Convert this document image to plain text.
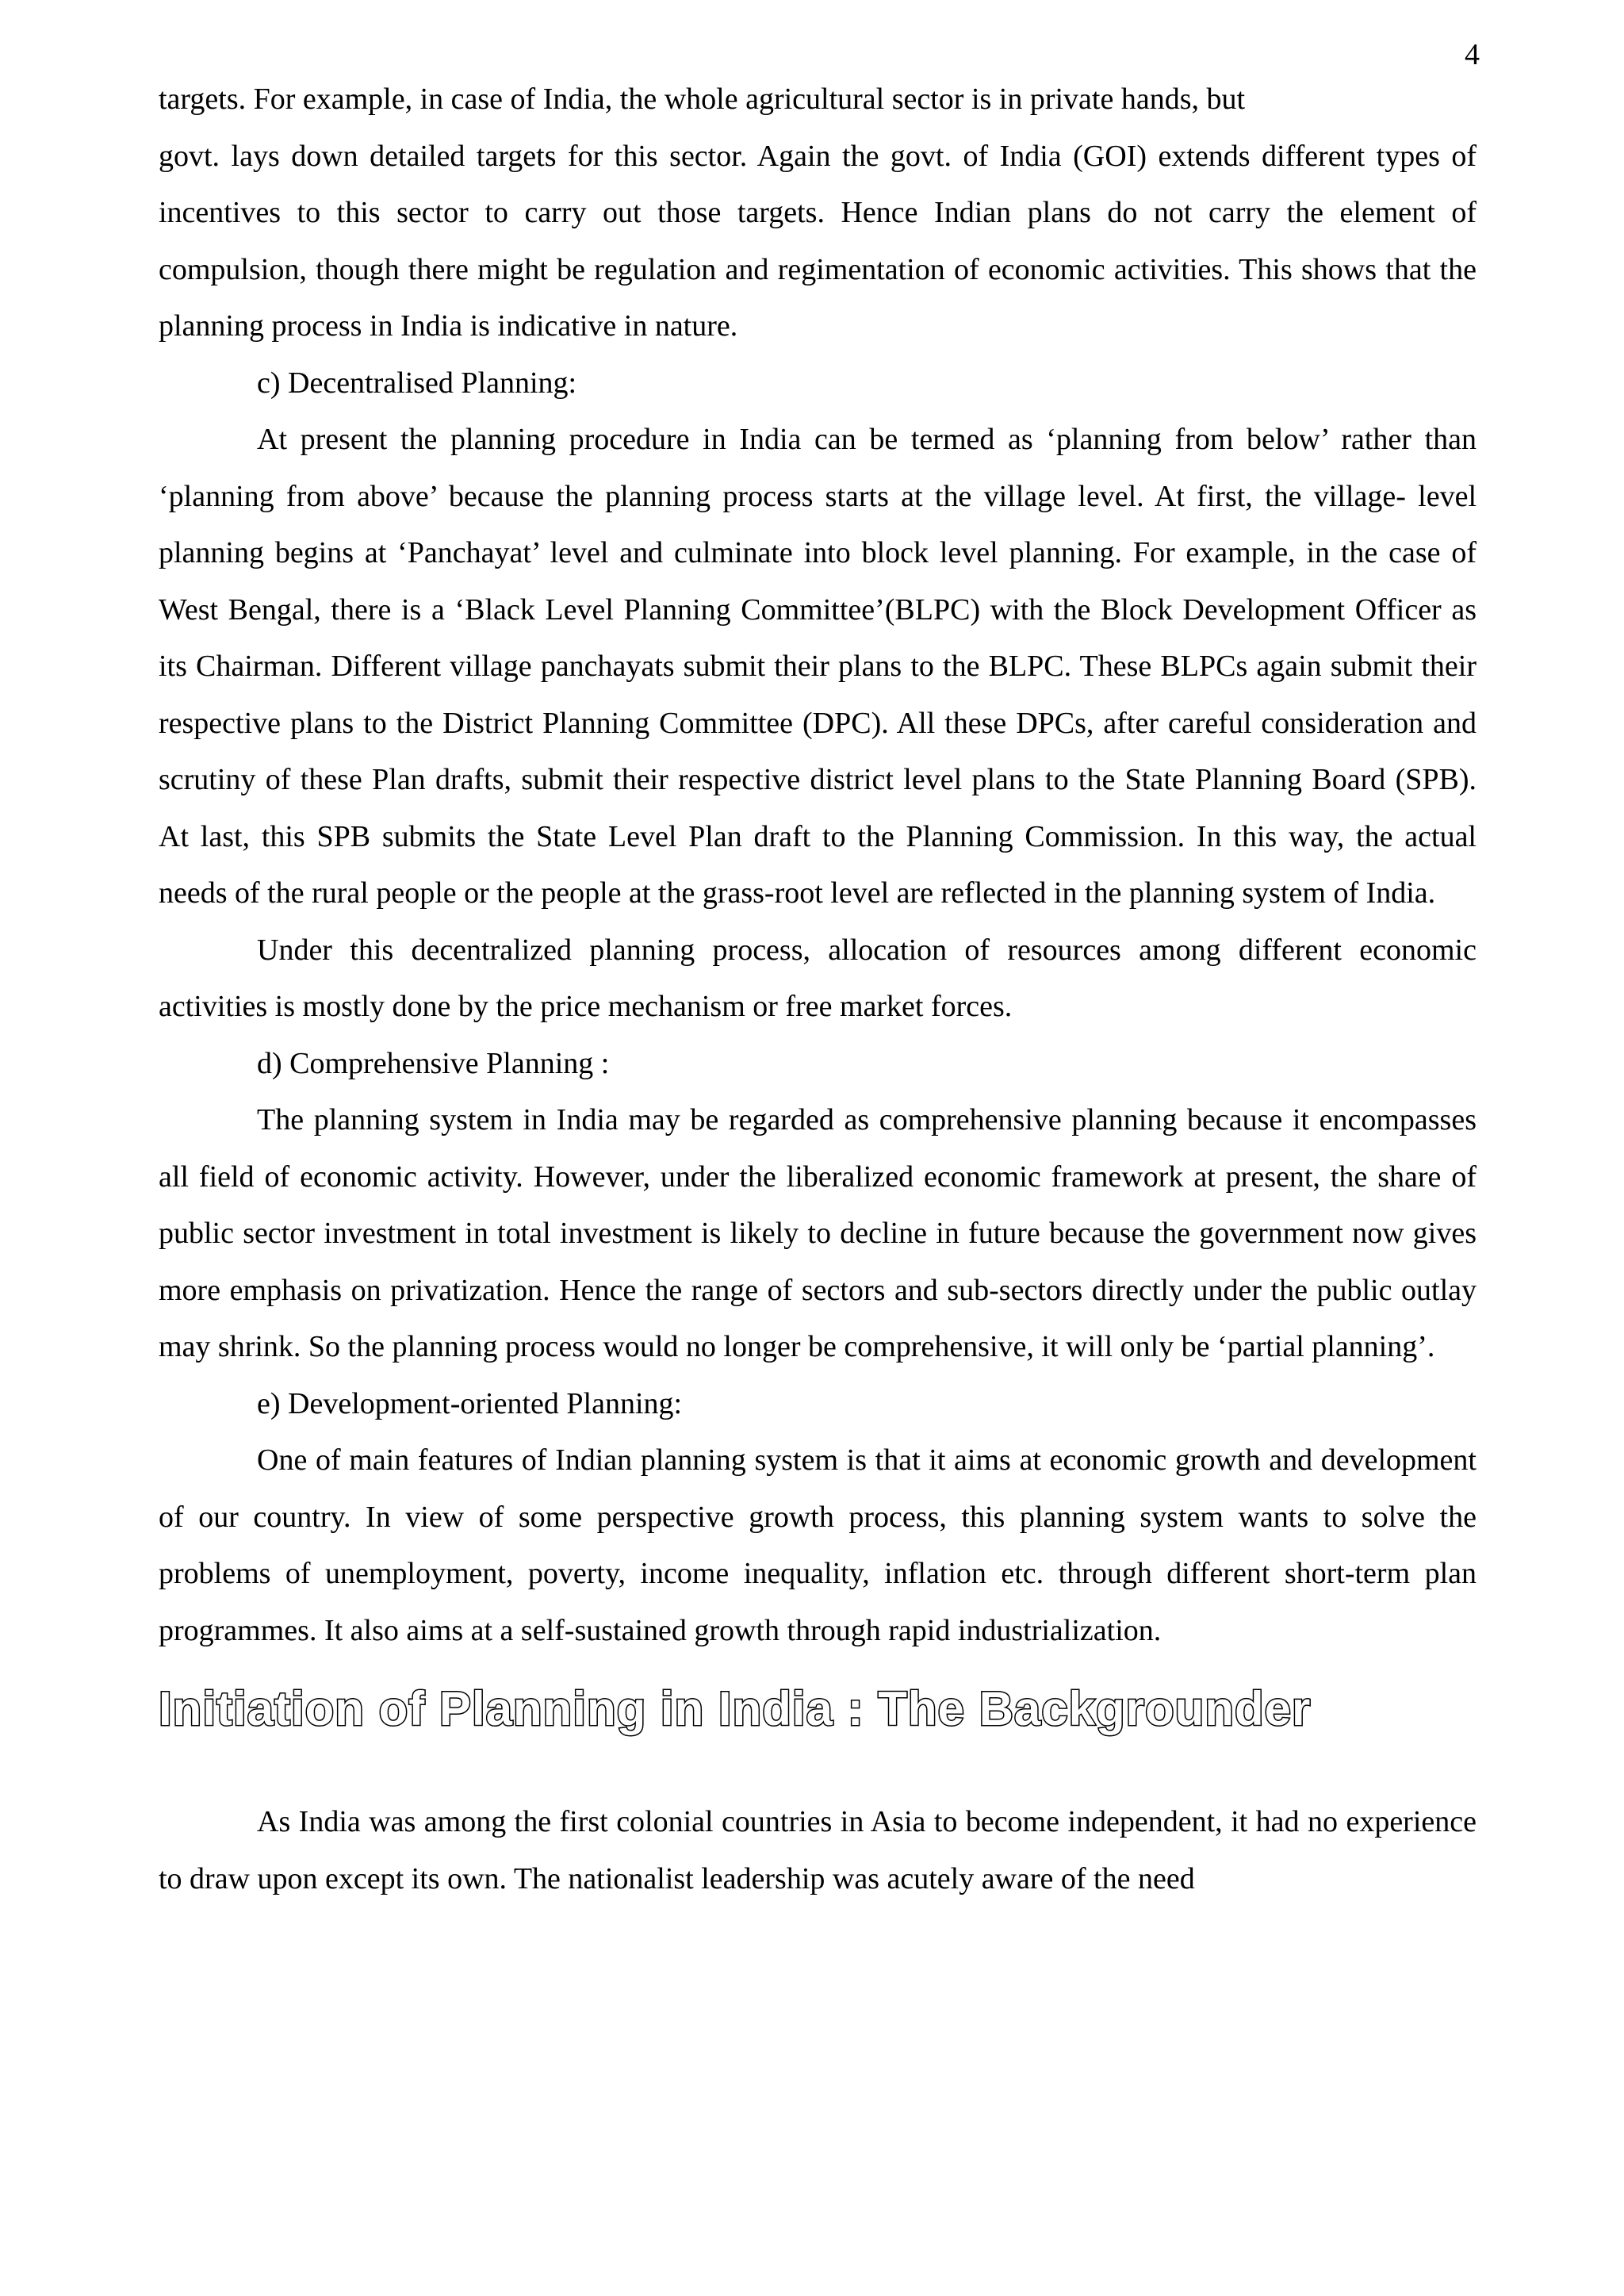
4

targets. For example, in case of India, the whole agricultural sector is in private hands, but

govt. lays down detailed targets for this sector. Again the govt. of India (GOI) extends different types of incentives to this sector to carry out those targets. Hence Indian plans do not carry the element of compulsion, though there might be regulation and regimentation of economic activities. This shows that the planning process in India is indicative in nature.

c) Decentralised Planning:

At present the planning procedure in India can be termed as ‘planning from below’ rather than ‘planning from above’ because the planning process starts at the village level. At first, the village- level planning begins at ‘Panchayat’ level and culminate into block level planning. For example, in the case of West Bengal, there is a ‘Black Level Planning Committee’(BLPC) with the Block Development Officer as its Chairman. Different village panchayats submit their plans to the BLPC. These BLPCs again submit their respective plans to the District Planning Committee (DPC). All these DPCs, after careful consideration and scrutiny of these Plan drafts, submit their respective district level plans to the State Planning Board (SPB). At last, this SPB submits the State Level Plan draft to the Planning Commission. In this way, the actual needs of the rural people or the people at the grass-root level are reflected in the planning system of India.

Under this decentralized planning process, allocation of resources among different economic activities is mostly done by the price mechanism or free market forces.

d) Comprehensive Planning :

The planning system in India may be regarded as comprehensive planning because it encompasses all field of economic activity. However, under the liberalized economic framework at present, the share of public sector investment in total investment is likely to decline in future because the government now gives more emphasis on privatization. Hence the range of sectors and sub-sectors directly under the public outlay may shrink. So the planning process would no longer be comprehensive, it will only be ‘partial planning’.

e) Development-oriented Planning:

One of main features of Indian planning system is that it aims at economic growth and development of our country. In view of some perspective growth process, this planning system wants to solve the problems of unemployment, poverty, income inequality, inflation etc. through different short-term plan programmes. It also aims at a self-sustained growth through rapid industrialization.

Initiation of Planning in India : The Backgrounder

As India was among the first colonial countries in Asia to become independent, it had no experience to draw upon except its own. The nationalist leadership was acutely aware of the need
